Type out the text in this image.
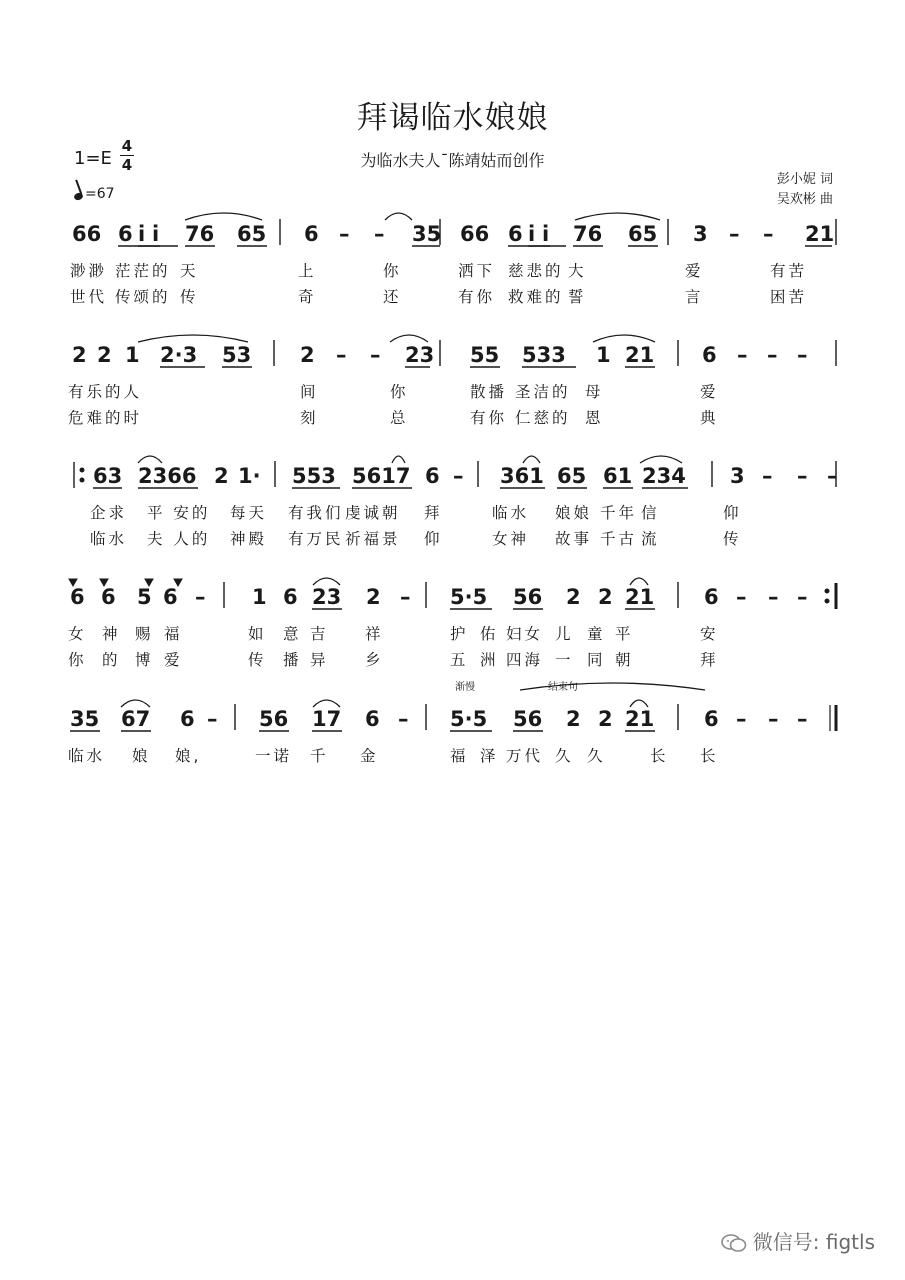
拜谒临水娘娘
为临水夫人¯陈靖姑而创作
1=E
4
4
=67
彭小妮 词
吴欢彬 曲
66 6 i i 76 65 6 – – 35 66 6 i i 76 65 3 – – 21
渺渺 茫茫的 天	上	你	洒下 慈悲的 大	爱	有苦
世代 传颂的 传	奇	还	有你 救难的 誓	言	困苦
2 2 1 2·3 53 2 – – 23 55 533 1 21 6 – – –
有乐的人	间	你	散播 圣洁的 母	爱
危难的时	刻	总	有你 仁慈的 恩	典
63 2366 2 1· 553 5617 6 – 361 65 61 234 3 – – –
企求 平 安的 每天 有我们 虔诚朝 拜	临水 娘娘 千年 信	仰
临水 夫 人的 神殿 有万民 祈福景 仰	女神 故事 千古 流	传
6 6 5 6 – 1 6 23 2 – 5·5 56 2 2 21 6 – – –
女 神 赐 福	如 意 吉 祥	护 佑 妇女 儿 童 平	安
你 的 博 爱	传 播 异 乡	五 洲 四海 一 同 朝	拜
35 67 6 – 56 17 6 – 5·5 56 2 2 21 6 – – –
临水 娘 娘,	一诺 千 金	福 泽 万代 久 久	长 长
渐慢	结束句
微信号: figtls
